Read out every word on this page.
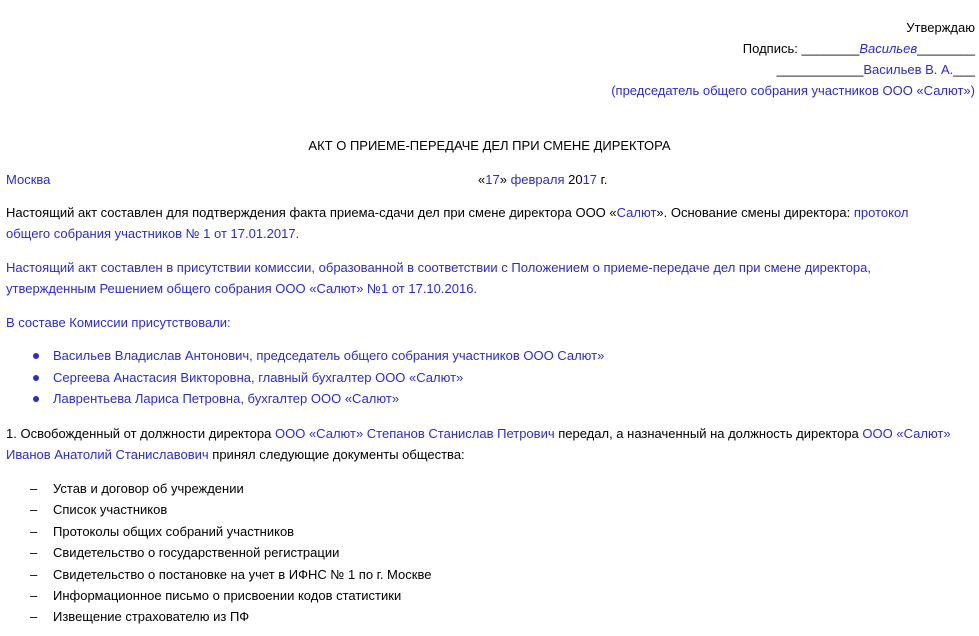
Утверждаю
Подпись: ________Васильев________
____________Васильев В. А.___
(председатель общего собрания участников ООО «Салют»)
АКТ О ПРИЕМЕ-ПЕРЕДАЧЕ ДЕЛ ПРИ СМЕНЕ ДИРЕКТОРА
Москва	«17» февраля 2017 г.
Настоящий акт составлен для подтверждения факта приема-сдачи дел при смене директора ООО «Салют». Основание смены директора: протокол
общего собрания участников № 1 от 17.01.2017.
Настоящий акт составлен в присутствии комиссии, образованной в соответствии с Положением о приеме-передаче дел при смене директора,
утвержденным Решением общего собрания ООО «Салют» №1 от 17.10.2016.
В составе Комиссии присутствовали:
Васильев Владислав Антонович, председатель общего собрания участников ООО Салют»
Сергеева Анастасия Викторовна, главный бухгалтер ООО «Салют»
Лаврентьева Лариса Петровна, бухгалтер ООО «Салют»
1. Освобожденный от должности директора ООО «Салют» Степанов Станислав Петрович передал, а назначенный на должность директора ООО «Салют»
Иванов Анатолий Станиславович принял следующие документы общества:
– Устав и договор об учреждении
– Список участников
– Протоколы общих собраний участников
– Свидетельство о государственной регистрации
– Свидетельство о постановке на учет в ИФНС № 1 по г. Москве
– Информационное письмо о присвоении кодов статистики
– Извещение страхователю из ПФ
